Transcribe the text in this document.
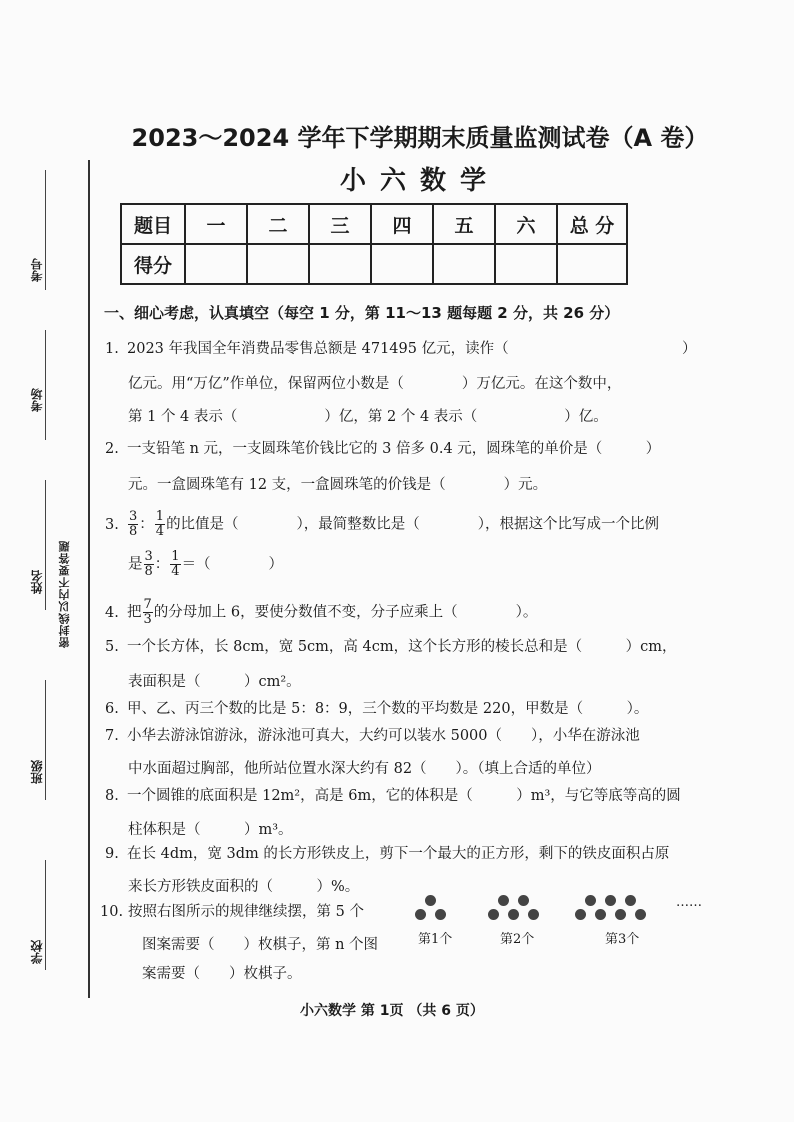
考号
考场
姓名 密封线以内不要答题
班级
学校
2023～2024 学年下学期期末质量监测试卷（A 卷）
小六数学
题目	一	二	三	四	五	六	总 分
得分							
一、细心考虑，认真填空（每空 1 分，第 11～13 题每题 2 分，共 26 分）
1. 2023 年我国全年消费品零售总额是 471495 亿元，读作（	）
亿元。用“万亿”作单位，保留两位小数是（　　　　）万亿元。在这个数中，
第 1 个 4 表示（　　　　　　）亿，第 2 个 4 表示（　　　　　　）亿。
2. 一支铅笔 n 元，一支圆珠笔价钱比它的 3 倍多 0.4 元，圆珠笔的单价是（　　　）
元。一盒圆珠笔有 12 支，一盒圆珠笔的价钱是（　　　　）元。
3. $\frac{3}{8}$ ： $\frac{1}{4}$ 的比值是（　　　　），最简整数比是（　　　　），根据这个比写成一个比例
是 $\frac{3}{8}$ ： $\frac{1}{4}$ ＝（　　　　）
4. 把 $\frac{7}{3}$ 的分母加上 6，要使分数值不变，分子应乘上（　　　　）。
5. 一个长方体，长 8cm，宽 5cm，高 4cm，这个长方形的棱长总和是（　　　）cm，
表面积是（　　　）cm²。
6. 甲、乙、丙三个数的比是 5：8：9，三个数的平均数是 220，甲数是（　　　）。
7. 小华去游泳馆游泳，游泳池可真大，大约可以装水 5000（　　），小华在游泳池
中水面超过胸部，他所站位置水深大约有 82（　　）。（填上合适的单位）
8. 一个圆锥的底面积是 12m²，高是 6m，它的体积是（　　　）m³，与它等底等高的圆
柱体积是（　　　）m³。
9. 在长 4dm，宽 3dm 的长方形铁皮上，剪下一个最大的正方形，剩下的铁皮面积占原
来长方形铁皮面积的（　　　）%。
10. 按照右图所示的规律继续摆，第 5 个
图案需要（　　）枚棋子，第 n 个图
案需要（　　）枚棋子。
第1个	第2个	第3个
……
小六数学 第 1页 （共 6 页）
